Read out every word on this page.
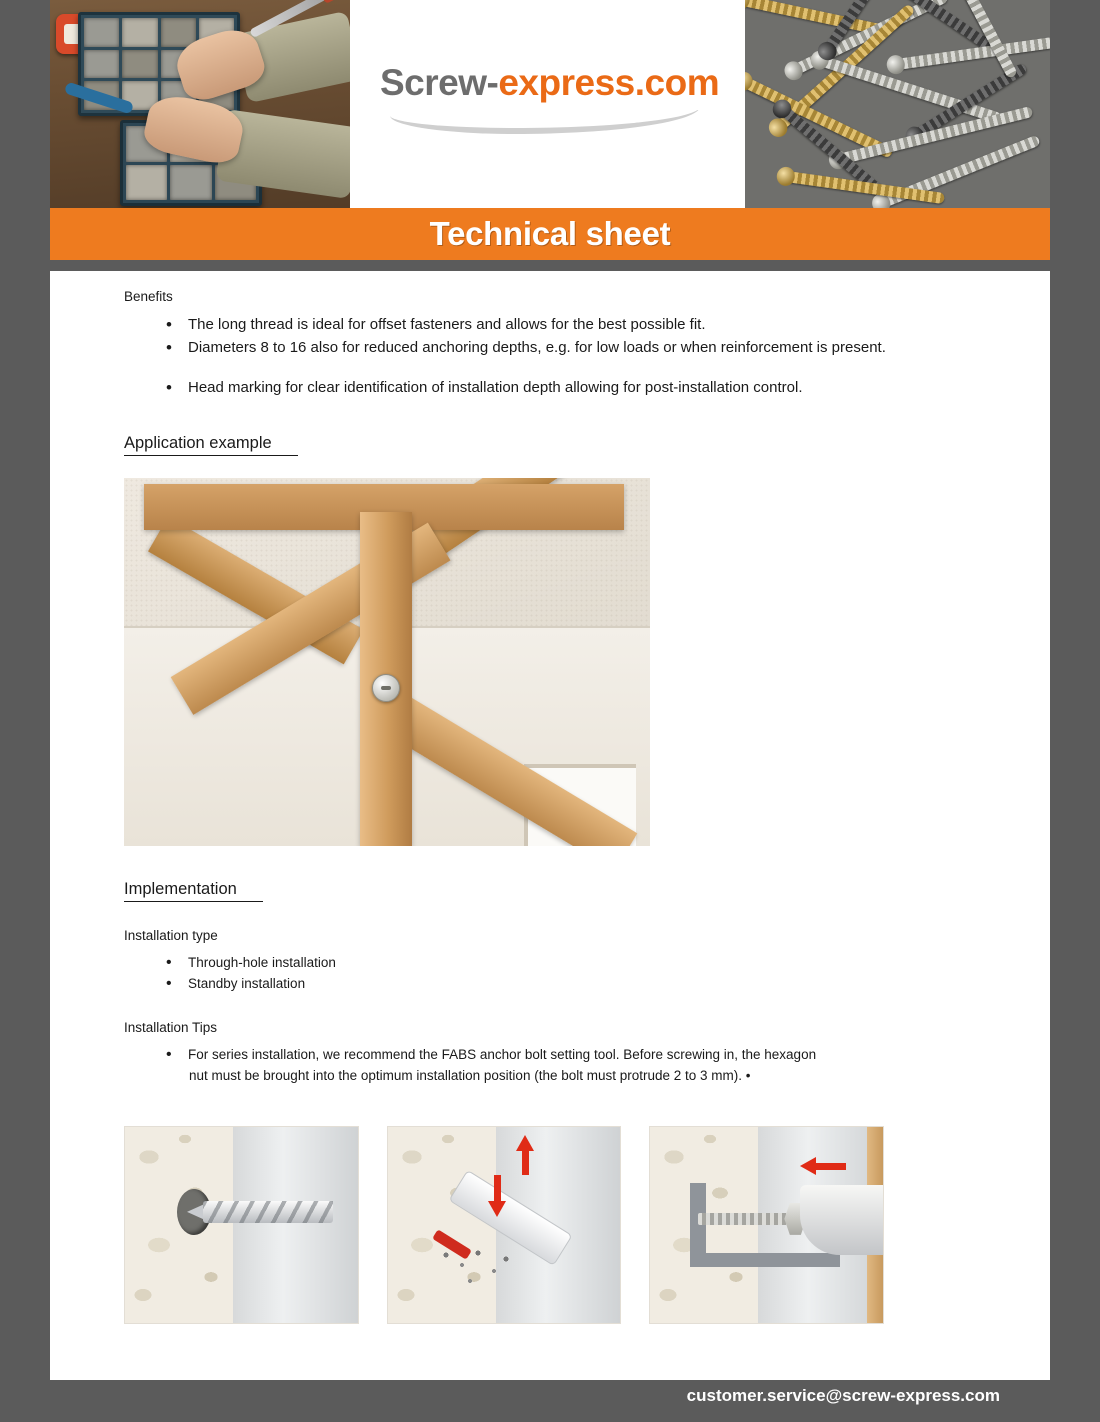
Screw-express.com
Technical sheet
Benefits
• The long thread is ideal for offset fasteners and allows for the best possible fit.
• Diameters 8 to 16 also for reduced anchoring depths, e.g. for low loads or when reinforcement is present.
• Head marking for clear identification of installation depth allowing for post-installation control.
Application example
Implementation
Installation type
• Through-hole installation
• Standby installation
Installation Tips
• For series installation, we recommend the FABS anchor bolt setting tool. Before screwing in, the hexagon
nut must be brought into the optimum installation position (the bolt must protrude 2 to 3 mm). •
customer.service@screw-express.com
